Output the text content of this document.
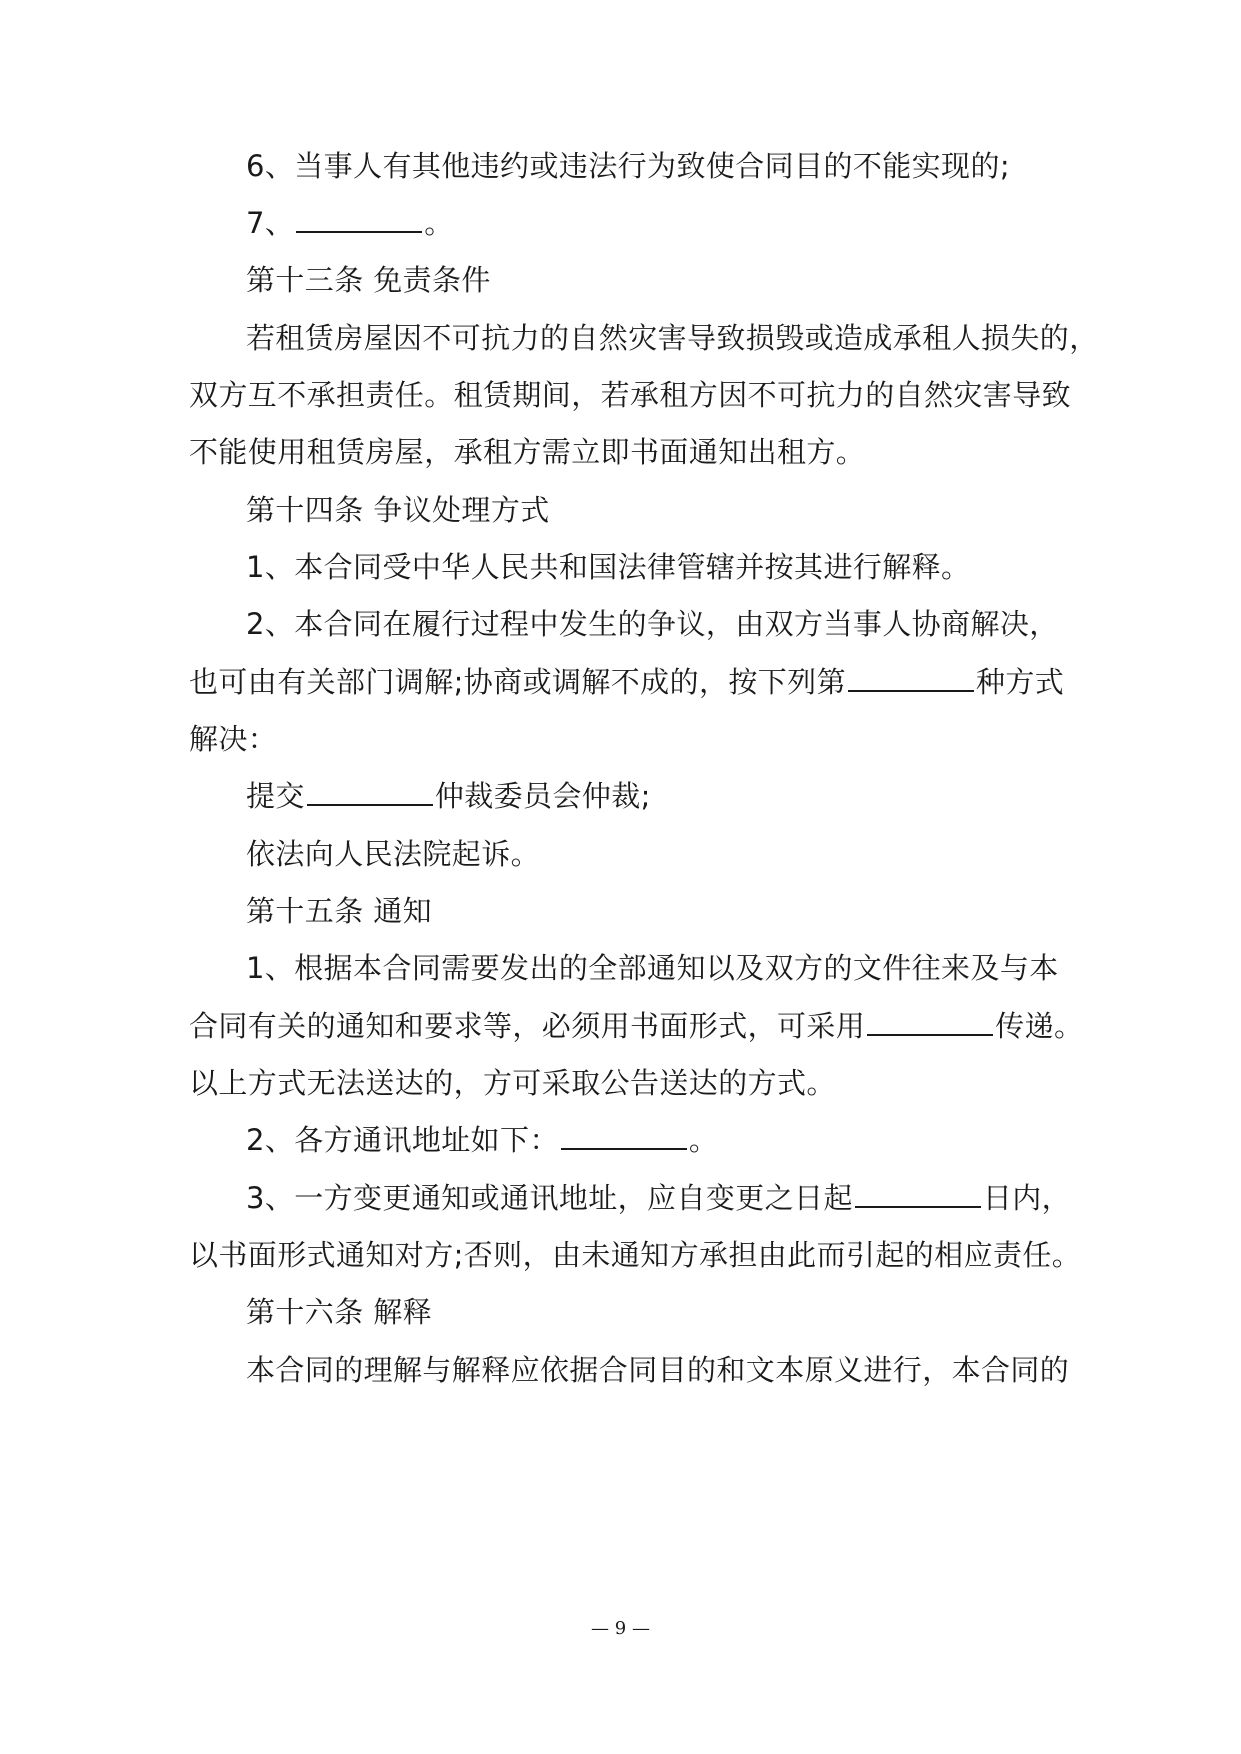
6、当事人有其他违约或违法行为致使合同目的不能实现的;
7、	。
第十三条 免责条件
若租赁房屋因不可抗力的自然灾害导致损毁或造成承租人损失的，
双方互不承担责任。租赁期间，若承租方因不可抗力的自然灾害导致
不能使用租赁房屋，承租方需立即书面通知出租方。
第十四条 争议处理方式
1、本合同受中华人民共和国法律管辖并按其进行解释。
2、本合同在履行过程中发生的争议，由双方当事人协商解决，
也可由有关部门调解;协商或调解不成的，按下列第	种方式
解决：
提交	仲裁委员会仲裁;
依法向人民法院起诉。
第十五条 通知
1、根据本合同需要发出的全部通知以及双方的文件往来及与本
合同有关的通知和要求等，必须用书面形式，可采用	传递。
以上方式无法送达的，方可采取公告送达的方式。
2、各方通讯地址如下：	。
3、一方变更通知或通讯地址，应自变更之日起	日内，
以书面形式通知对方;否则，由未通知方承担由此而引起的相应责任。
第十六条 解释
本合同的理解与解释应依据合同目的和文本原义进行，本合同的
— 9 —
